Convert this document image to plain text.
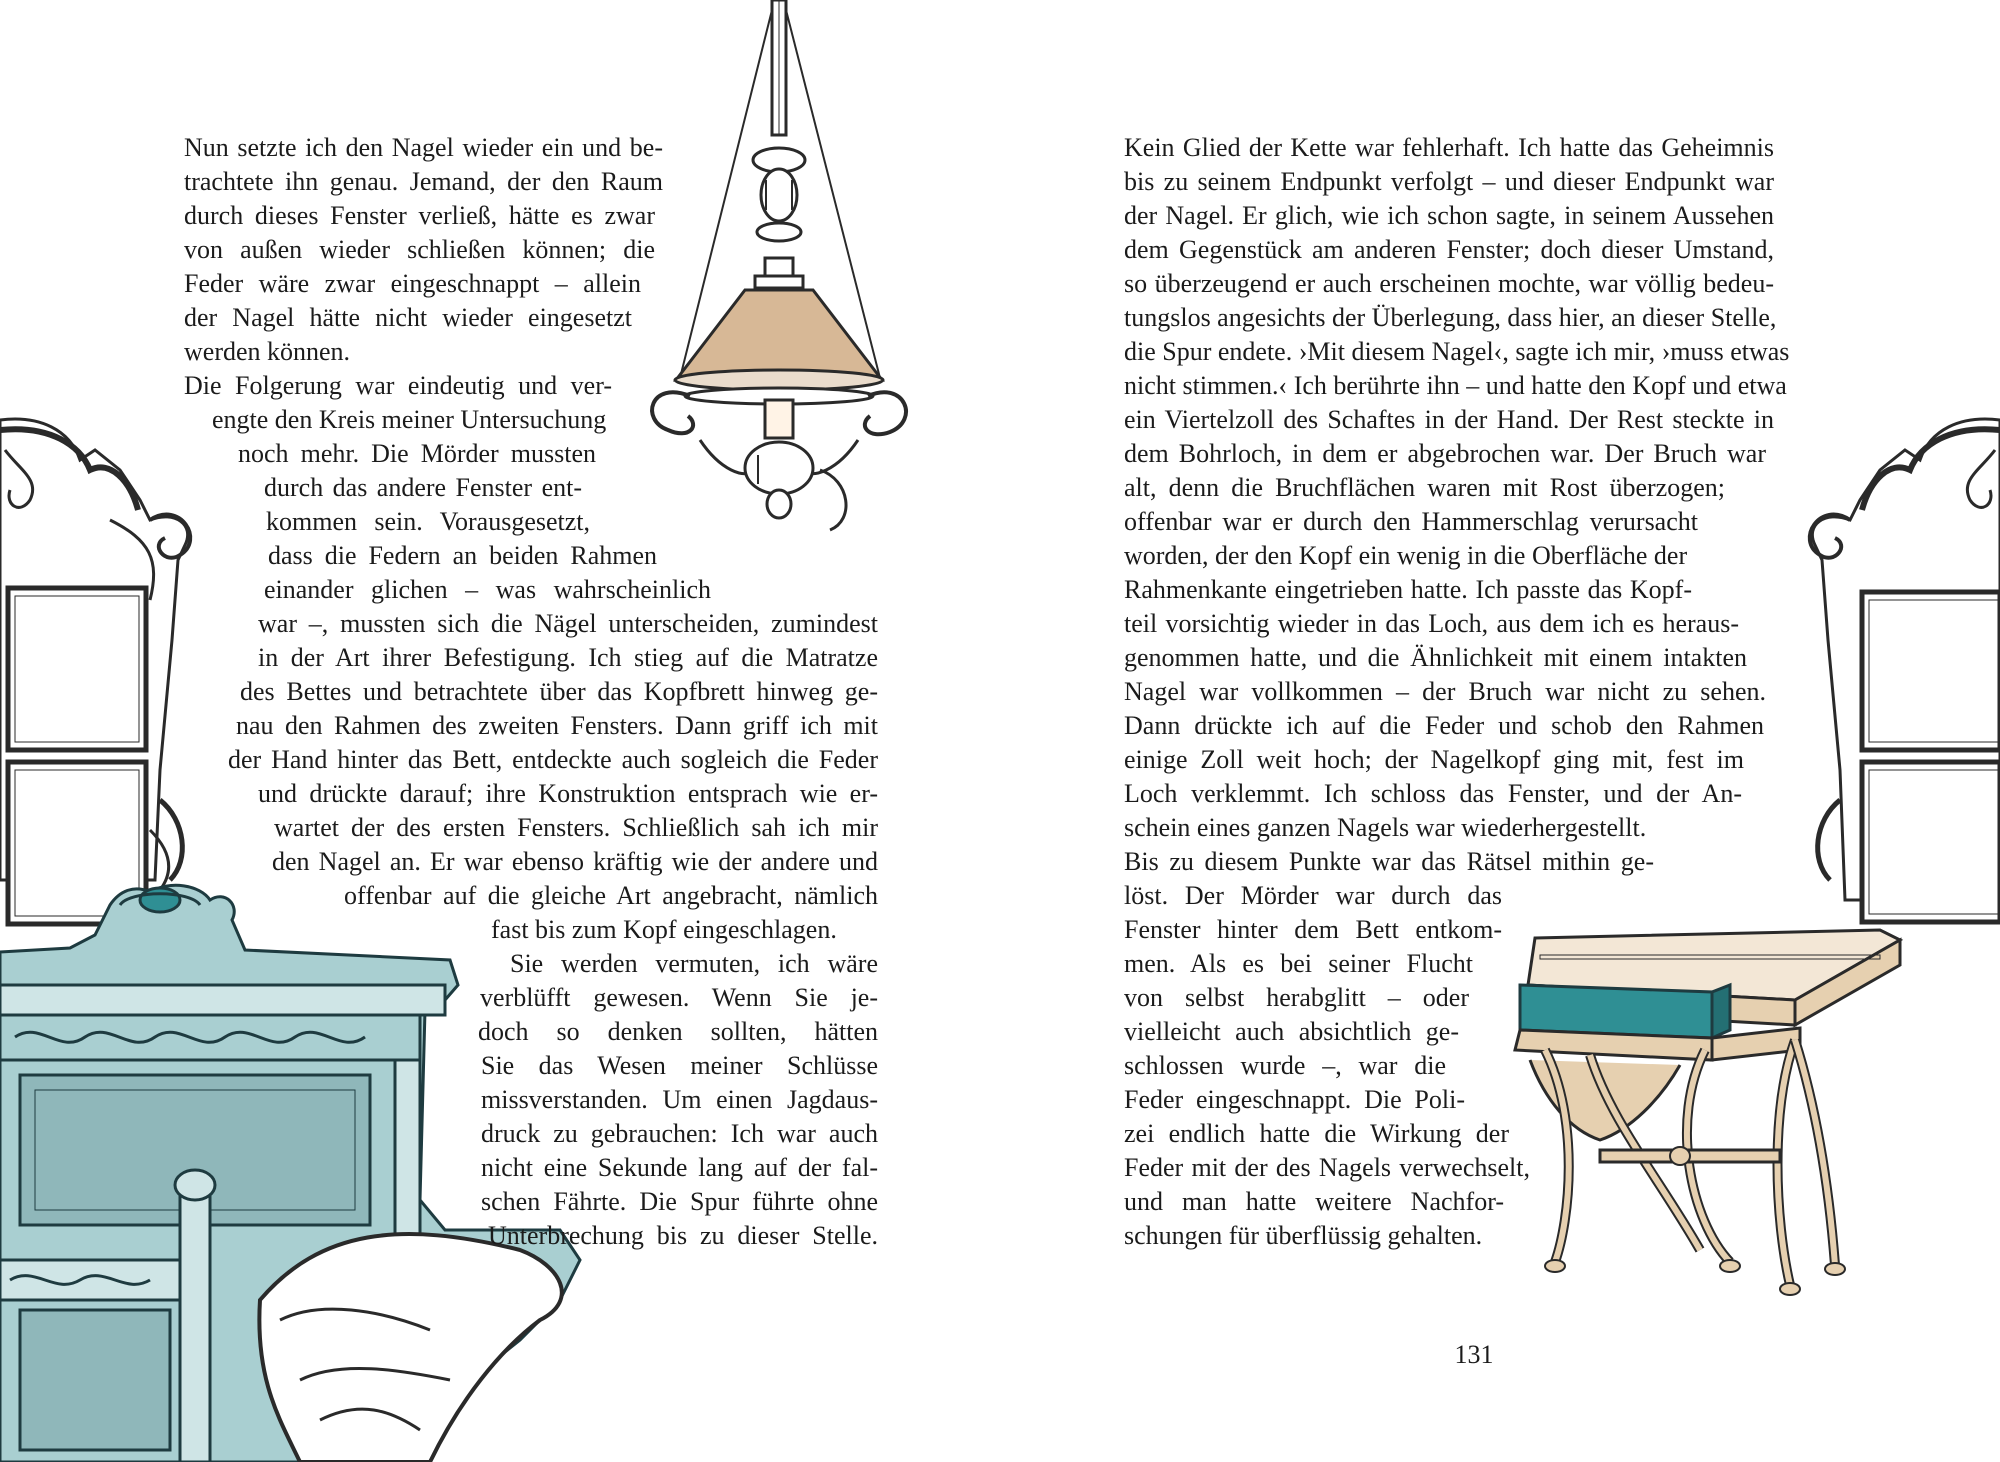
Nun setzte ich den Nagel wieder ein und be-
trachtete ihn genau. Jemand, der den Raum
durch dieses Fenster verließ, hätte es zwar
von außen wieder schließen können; die
Feder wäre zwar eingeschnappt – allein
der Nagel hätte nicht wieder eingesetzt
werden können.
Die Folgerung war eindeutig und ver-
engte den Kreis meiner Untersuchung
noch mehr. Die Mörder mussten
durch das andere Fenster ent-
kommen sein. Vorausgesetzt,
dass die Federn an beiden Rahmen
einander glichen – was wahrscheinlich
war –, mussten sich die Nägel unterscheiden, zumindest
in der Art ihrer Befestigung. Ich stieg auf die Matratze
des Bettes und betrachtete über das Kopfbrett hinweg ge-
nau den Rahmen des zweiten Fensters. Dann griff ich mit
der Hand hinter das Bett, entdeckte auch sogleich die Feder
und drückte darauf; ihre Konstruktion entsprach wie er-
wartet der des ersten Fensters. Schließlich sah ich mir
den Nagel an. Er war ebenso kräftig wie der andere und
offenbar auf die gleiche Art angebracht, nämlich
fast bis zum Kopf eingeschlagen.
Sie werden vermuten, ich wäre
verblüfft gewesen. Wenn Sie je-
doch so denken sollten, hätten
Sie das Wesen meiner Schlüsse
missverstanden. Um einen Jagdaus-
druck zu gebrauchen: Ich war auch
nicht eine Sekunde lang auf der fal-
schen Fährte. Die Spur führte ohne
Unterbrechung bis zu dieser Stelle.
Kein Glied der Kette war fehlerhaft. Ich hatte das Geheimnis
bis zu seinem Endpunkt verfolgt – und dieser Endpunkt war
der Nagel. Er glich, wie ich schon sagte, in seinem Aussehen
dem Gegenstück am anderen Fenster; doch dieser Umstand,
so überzeugend er auch erscheinen mochte, war völlig bedeu-
tungslos angesichts der Überlegung, dass hier, an dieser Stelle,
die Spur endete. ›Mit diesem Nagel‹, sagte ich mir, ›muss etwas
nicht stimmen.‹ Ich berührte ihn – und hatte den Kopf und etwa
ein Viertelzoll des Schaftes in der Hand. Der Rest steckte in
dem Bohrloch, in dem er abgebrochen war. Der Bruch war
alt, denn die Bruchflächen waren mit Rost überzogen;
offenbar war er durch den Hammerschlag verursacht
worden, der den Kopf ein wenig in die Oberfläche der
Rahmenkante eingetrieben hatte. Ich passte das Kopf-
teil vorsichtig wieder in das Loch, aus dem ich es heraus-
genommen hatte, und die Ähnlichkeit mit einem intakten
Nagel war vollkommen – der Bruch war nicht zu sehen.
Dann drückte ich auf die Feder und schob den Rahmen
einige Zoll weit hoch; der Nagelkopf ging mit, fest im
Loch verklemmt. Ich schloss das Fenster, und der An-
schein eines ganzen Nagels war wiederhergestellt.
Bis zu diesem Punkte war das Rätsel mithin ge-
löst. Der Mörder war durch das
Fenster hinter dem Bett entkom-
men. Als es bei seiner Flucht
von selbst herabglitt – oder
vielleicht auch absichtlich ge-
schlossen wurde –, war die
Feder eingeschnappt. Die Poli-
zei endlich hatte die Wirkung der
Feder mit der des Nagels verwechselt,
und man hatte weitere Nachfor-
schungen für überflüssig gehalten.
131
